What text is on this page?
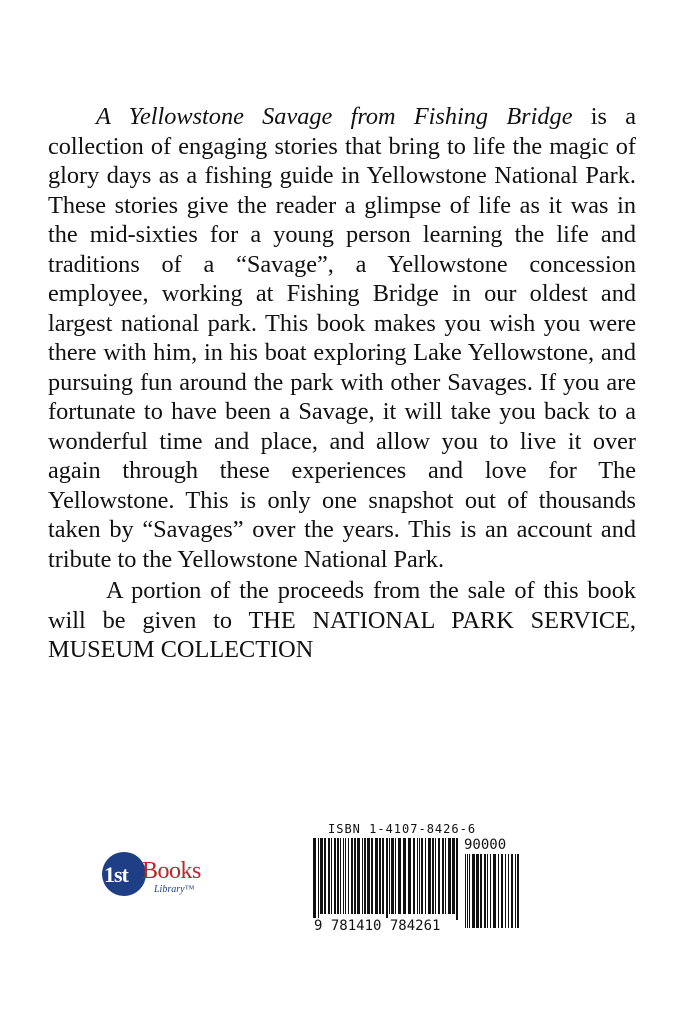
A Yellowstone Savage from Fishing Bridge is a collection of engaging stories that bring to life the magic of glory days as a fishing guide in Yellowstone National Park. These stories give the reader a glimpse of life as it was in the mid-sixties for a young person learning the life and traditions of a “Savage”, a Yellowstone concession employee, working at Fishing Bridge in our oldest and largest national park. This book makes you wish you were there with him, in his boat exploring Lake Yellowstone, and pursuing fun around the park with other Savages. If you are fortunate to have been a Savage, it will take you back to a wonderful time and place, and allow you to live it over again through these experiences and love for The Yellowstone. This is only one snapshot out of thousands taken by “Savages” over the years. This is an account and tribute to the Yellowstone National Park.

A portion of the proceeds from the sale of this book will be given to THE NATIONAL PARK SERVICE, MUSEUM COLLECTION

1st Books
Library™
ISBN 1-4107-8426-6
90000
9 781410 784261
